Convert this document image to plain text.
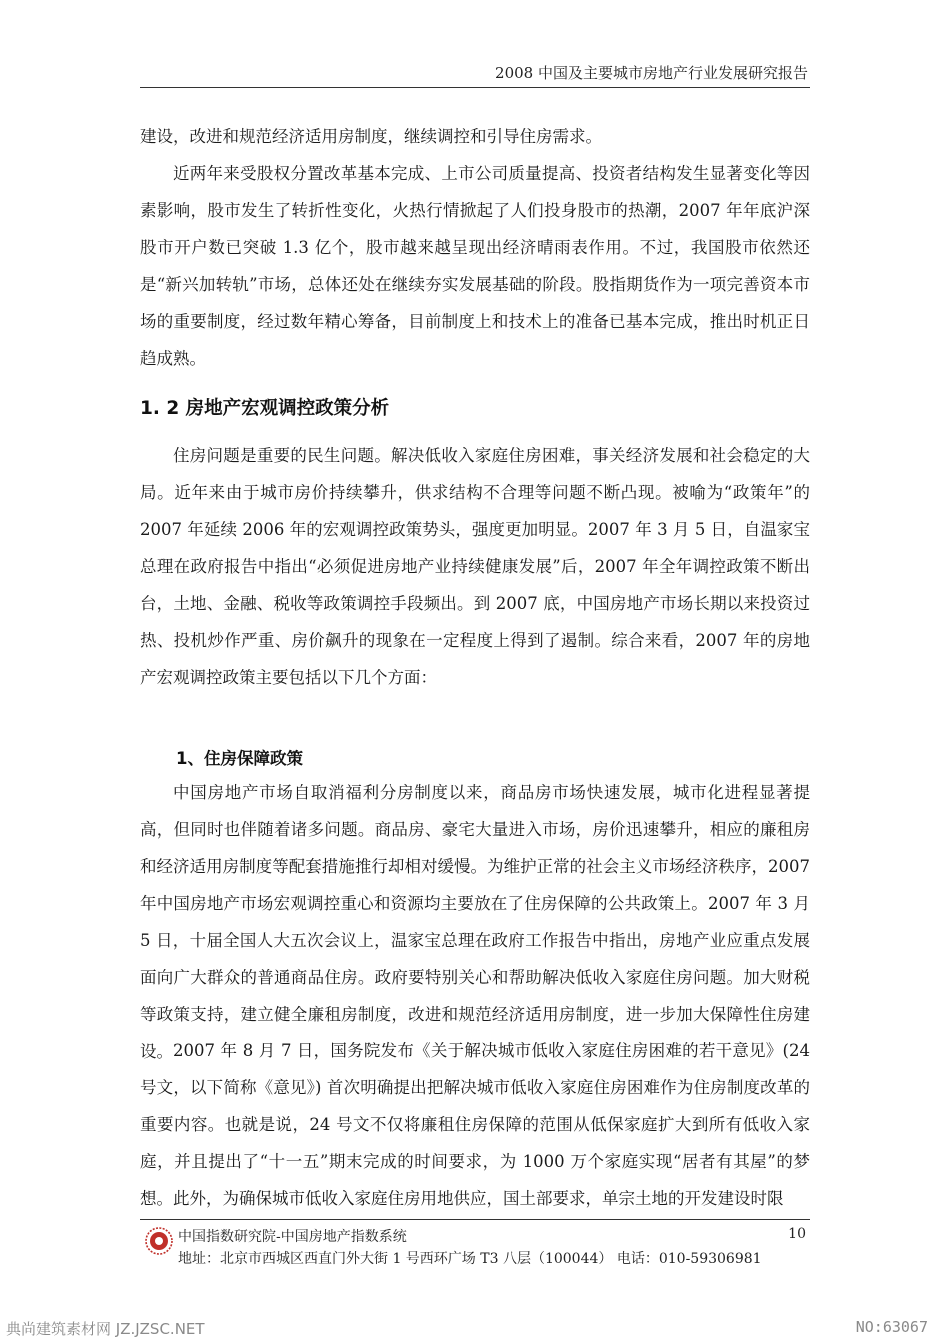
2008 中国及主要城市房地产行业发展研究报告

建设，改进和规范经济适用房制度，继续调控和引导住房需求。

近两年来受股权分置改革基本完成、上市公司质量提高、投资者结构发生显著变化等因素影响，股市发生了转折性变化，火热行情掀起了人们投身股市的热潮，2007 年年底沪深股市开户数已突破 1.3 亿个，股市越来越呈现出经济晴雨表作用。不过，我国股市依然还是“新兴加转轨”市场，总体还处在继续夯实发展基础的阶段。股指期货作为一项完善资本市场的重要制度，经过数年精心筹备，目前制度上和技术上的准备已基本完成，推出时机正日趋成熟。

1. 2 房地产宏观调控政策分析

住房问题是重要的民生问题。解决低收入家庭住房困难，事关经济发展和社会稳定的大局。近年来由于城市房价持续攀升，供求结构不合理等问题不断凸现。被喻为“政策年”的 2007 年延续 2006 年的宏观调控政策势头，强度更加明显。2007 年 3 月 5 日，自温家宝总理在政府报告中指出“必须促进房地产业持续健康发展”后，2007 年全年调控政策不断出台，土地、金融、税收等政策调控手段频出。到 2007 底，中国房地产市场长期以来投资过热、投机炒作严重、房价飙升的现象在一定程度上得到了遏制。综合来看，2007 年的房地产宏观调控政策主要包括以下几个方面：

1、住房保障政策

中国房地产市场自取消福利分房制度以来，商品房市场快速发展，城市化进程显著提高，但同时也伴随着诸多问题。商品房、豪宅大量进入市场，房价迅速攀升，相应的廉租房和经济适用房制度等配套措施推行却相对缓慢。为维护正常的社会主义市场经济秩序，2007 年中国房地产市场宏观调控重心和资源均主要放在了住房保障的公共政策上。2007 年 3 月 5 日，十届全国人大五次会议上，温家宝总理在政府工作报告中指出，房地产业应重点发展面向广大群众的普通商品住房。政府要特别关心和帮助解决低收入家庭住房问题。加大财税等政策支持，建立健全廉租房制度，改进和规范经济适用房制度，进一步加大保障性住房建设。 2007 年 8 月 7 日，国务院发布《关于解决城市低收入家庭住房困难的若干意见》(24 号文，以下简称《意见》) 首次明确提出把解决城市低收入家庭住房困难作为住房制度改革的重要内容。也就是说，24 号文不仅将廉租住房保障的范围从低保家庭扩大到所有低收入家庭，并且提出了“十一五”期末完成的时间要求，为 1000 万个家庭实现“居者有其屋”的梦想。此外，为确保城市低收入家庭住房用地供应，国土部要求，单宗土地的开发建设时限

中国指数研究院-中国房地产指数系统	10
地址：北京市西城区西直门外大街 1 号西环广场 T3 八层（100044） 电话：010-59306981
典尚建筑素材网 JZ.JZSC.NET	NO:63067
